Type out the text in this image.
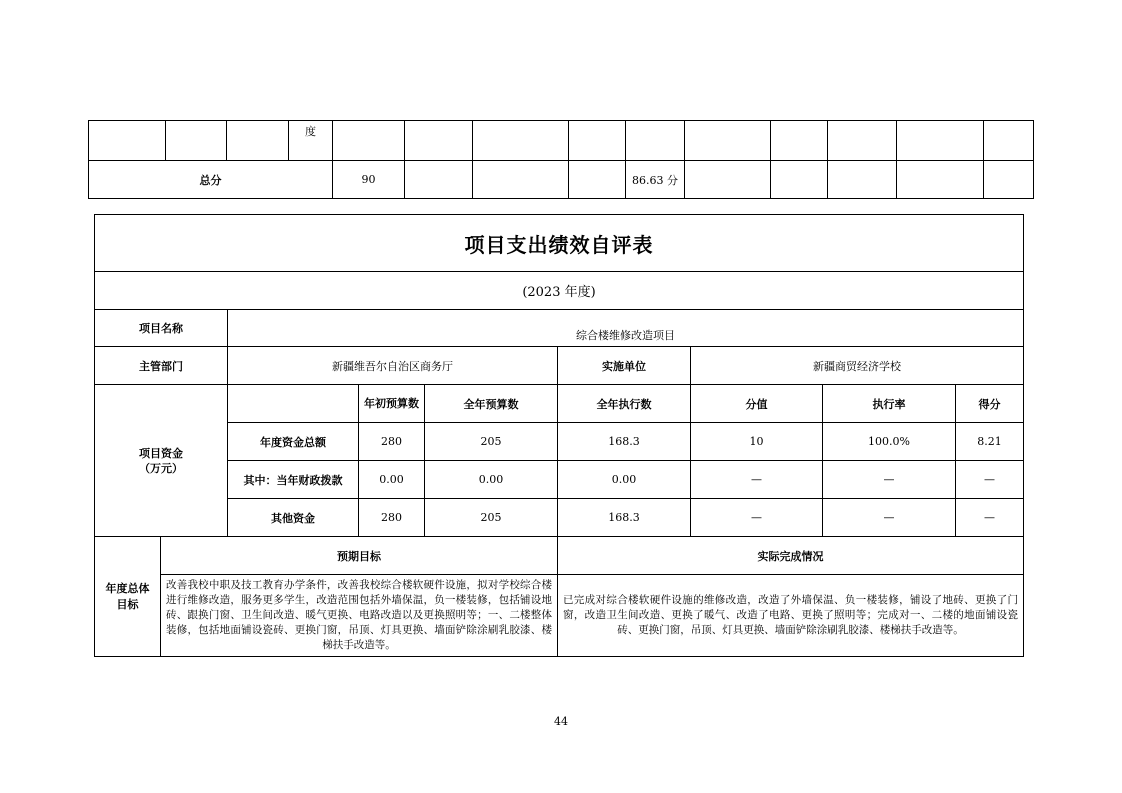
			度										
总分				90				86.63 分					
项目支出绩效自评表								
(2023 年度)								
项目名称		综合楼维修改造项目						
主管部门		新疆维吾尔自治区商务厅			实施单位	新疆商贸经济学校		
项目资金（万元）			年初预算数	全年预算数	全年执行数	分值	执行率	得分
		年度资金总额	280	205	168.3	10	100.0%	8.21
		其中：当年财政拨款	0.00	0.00	0.00	—	—	—
		其他资金	280	205	168.3	—	—	—
年度总体目标	预期目标				实际完成情况			
	改善我校中职及技工教育办学条件，改善我校综合楼软硬件设施，拟对学校综合楼进行维修改造，服务更多学生，改造范围包括外墙保温，负一楼装修，包括铺设地砖、跟换门窗、卫生间改造、暖气更换、电路改造以及更换照明等；一、二楼整体装修，包括地面铺设瓷砖、更换门窗，吊顶、灯具更换、墙面铲除涂刷乳胶漆、楼梯扶手改造等。				已完成对综合楼软硬件设施的维修改造，改造了外墙保温、负一楼装修，铺设了地砖、更换了门窗，改造卫生间改造、更换了暖气、改造了电路、更换了照明等；完成对一、二楼的地面铺设瓷砖、更换门窗，吊顶、灯具更换、墙面铲除涂刷乳胶漆、楼梯扶手改造等。			
44
